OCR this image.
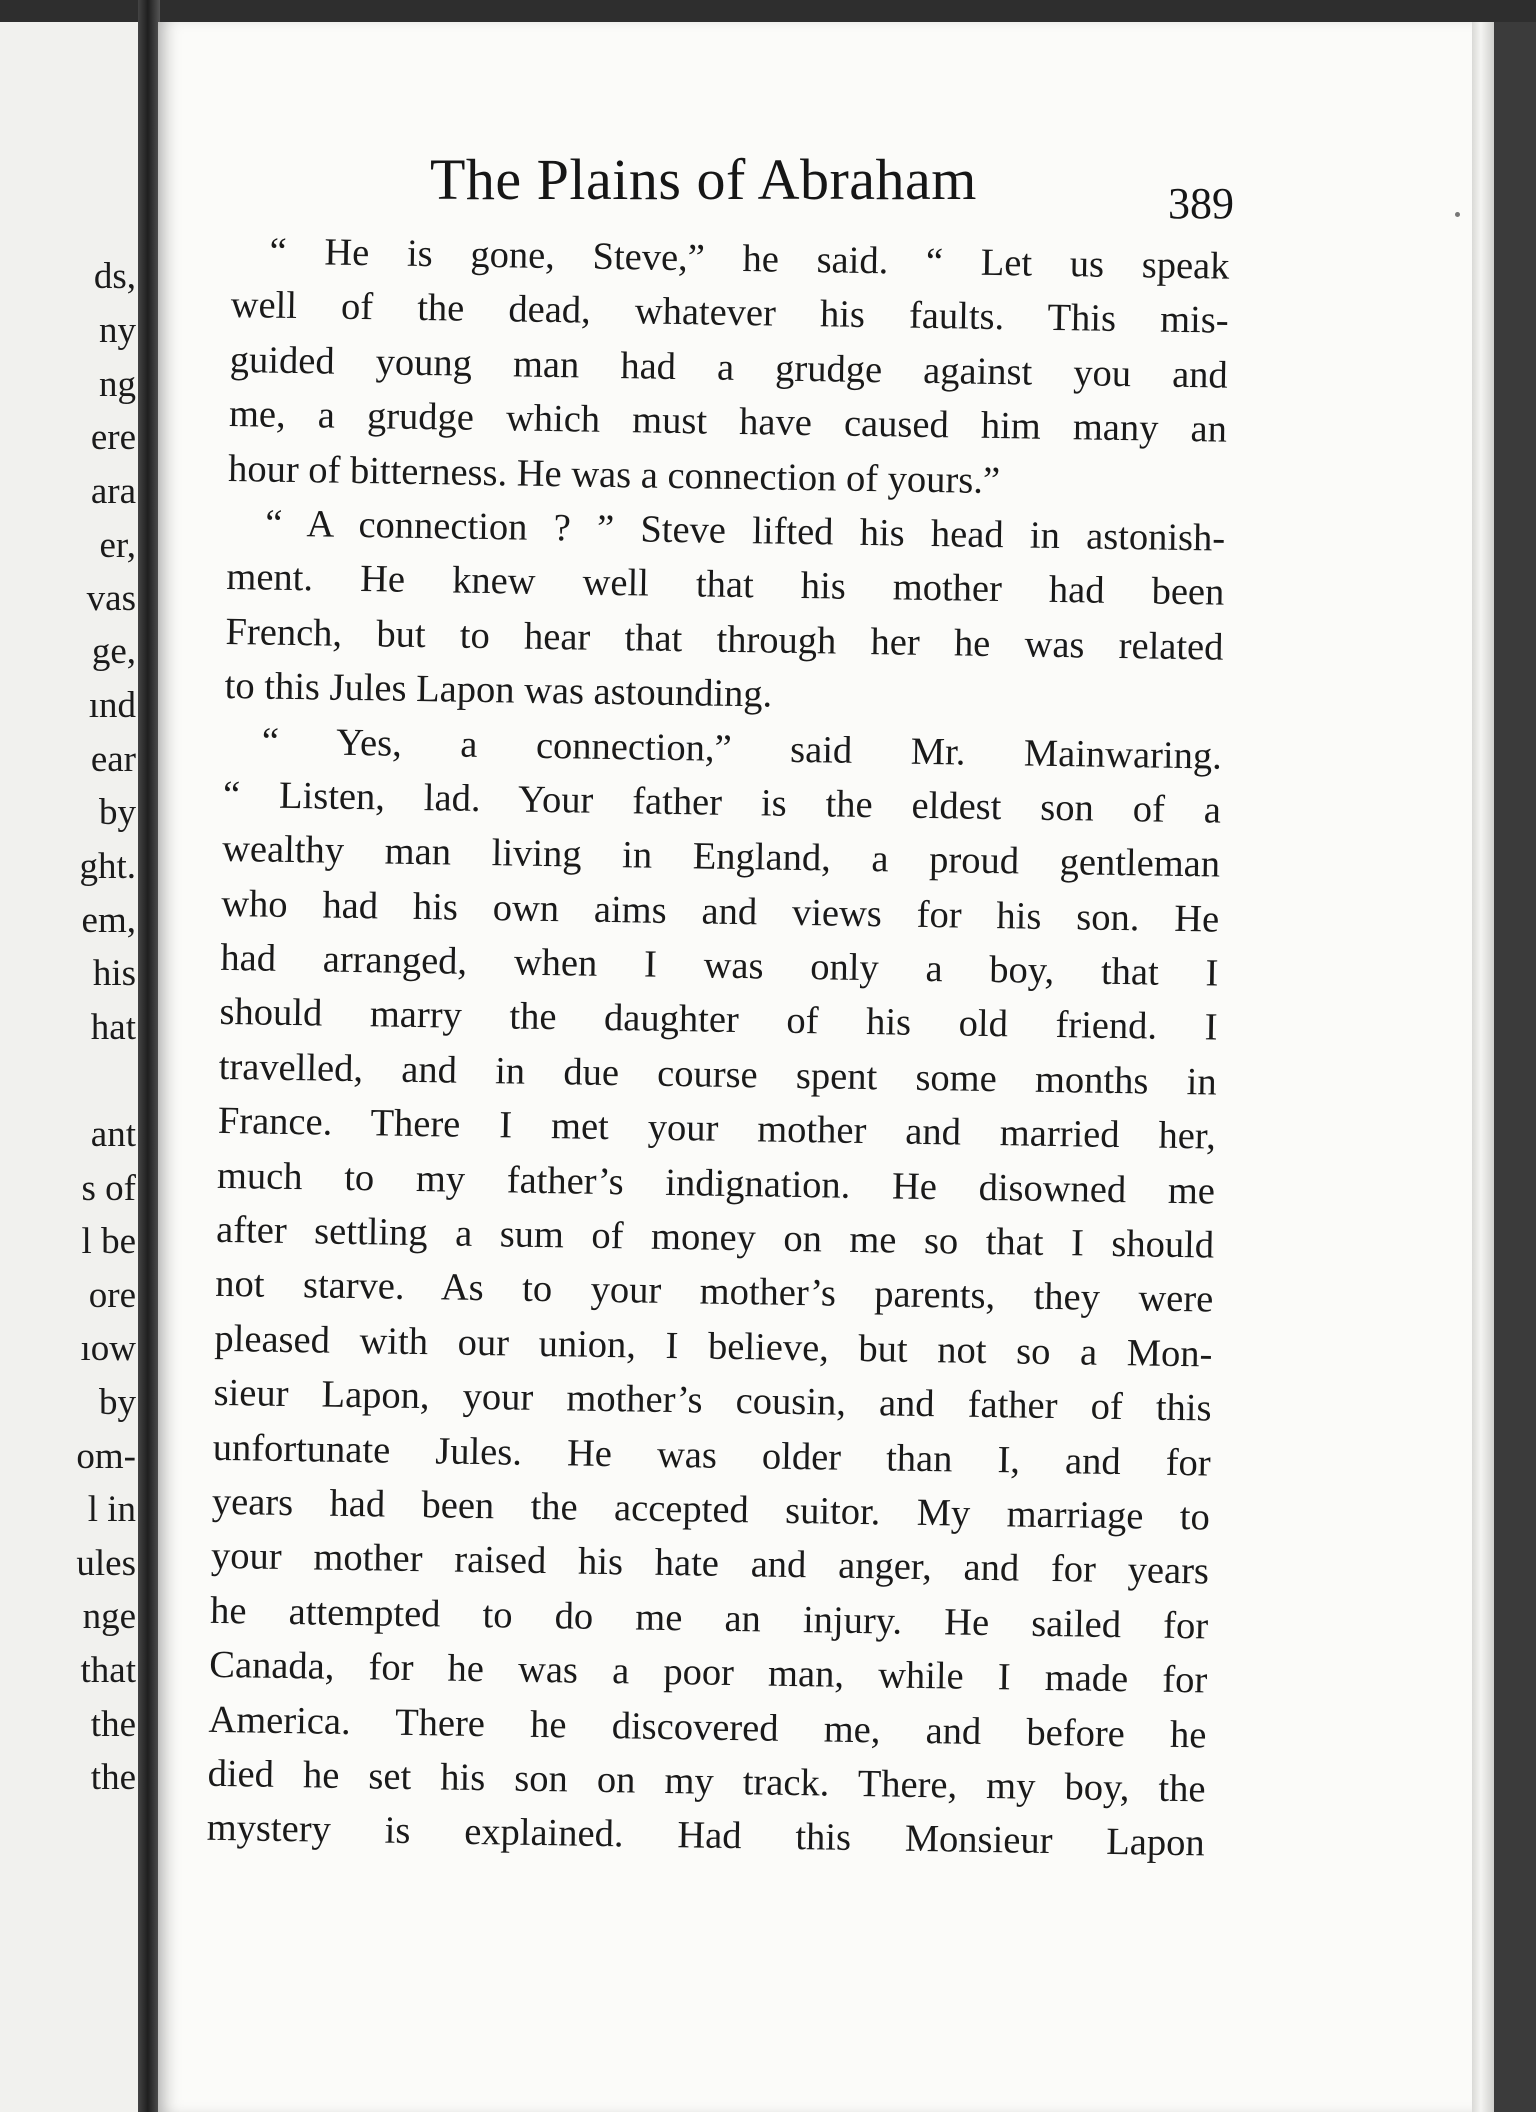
ds,
ny
ng
ere
ara
er,
vas
ge,
ınd
ear
by
ght.
em,
his
hat
ant
s of
l be
ore
ıow
by
om-
l in
ules
nge
that
the
the
The Plains of Abraham	389
“ He is gone, Steve,” he said. “ Let us speak
well of the dead, whatever his faults. This mis-
guided young man had a grudge against you and
me, a grudge which must have caused him many an
hour of bitterness. He was a connection of yours.”
“ A connection ? ” Steve lifted his head in astonish-
ment. He knew well that his mother had been
French, but to hear that through her he was related
to this Jules Lapon was astounding.
“ Yes, a connection,” said Mr. Mainwaring.
“ Listen, lad. Your father is the eldest son of a
wealthy man living in England, a proud gentleman
who had his own aims and views for his son. He
had arranged, when I was only a boy, that I
should marry the daughter of his old friend. I
travelled, and in due course spent some months in
France. There I met your mother and married her,
much to my father’s indignation. He disowned me
after settling a sum of money on me so that I should
not starve. As to your mother’s parents, they were
pleased with our union, I believe, but not so a Mon-
sieur Lapon, your mother’s cousin, and father of this
unfortunate Jules. He was older than I, and for
years had been the accepted suitor. My marriage to
your mother raised his hate and anger, and for years
he attempted to do me an injury. He sailed for
Canada, for he was a poor man, while I made for
America. There he discovered me, and before he
died he set his son on my track. There, my boy, the
mystery is explained. Had this Monsieur Lapon
